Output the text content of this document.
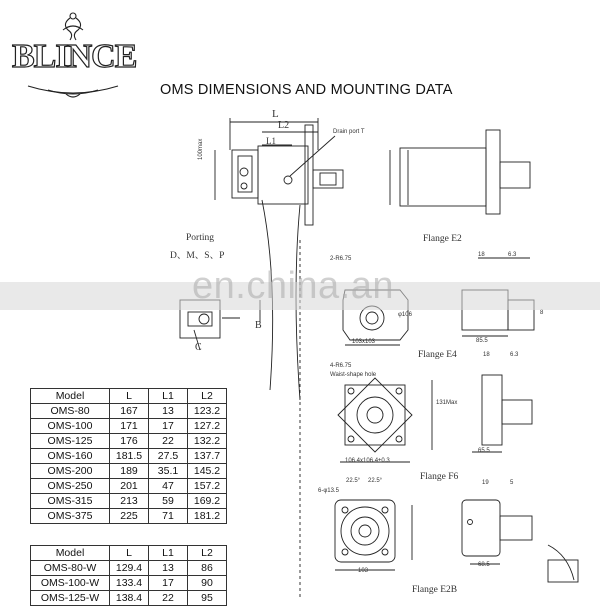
BLINCE
OMS DIMENSIONS AND MOUNTING DATA
L
L2
L1
Drain port T
100max
Porting
D、M、S、P
B
C
Flange E2
2-R6.75
103x103
φ106
18	6.3
85.5
8
Flange E4
4-R6.75
Waist-shape hole
106.4x106.4±0.3
131Max
65.5
18	6.3
Flange F6
6-φ13.5
22.5° 22.5°
103
19	5
68.5
Flange E2B
en.china.an
Model	L	L1	L2
OMS-80	167	13	123.2
OMS-100	171	17	127.2
OMS-125	176	22	132.2
OMS-160	181.5	27.5	137.7
OMS-200	189	35.1	145.2
OMS-250	201	47	157.2
OMS-315	213	59	169.2
OMS-375	225	71	181.2
Model	L	L1	L2
OMS-80-W	129.4	13	86
OMS-100-W	133.4	17	90
OMS-125-W	138.4	22	95
